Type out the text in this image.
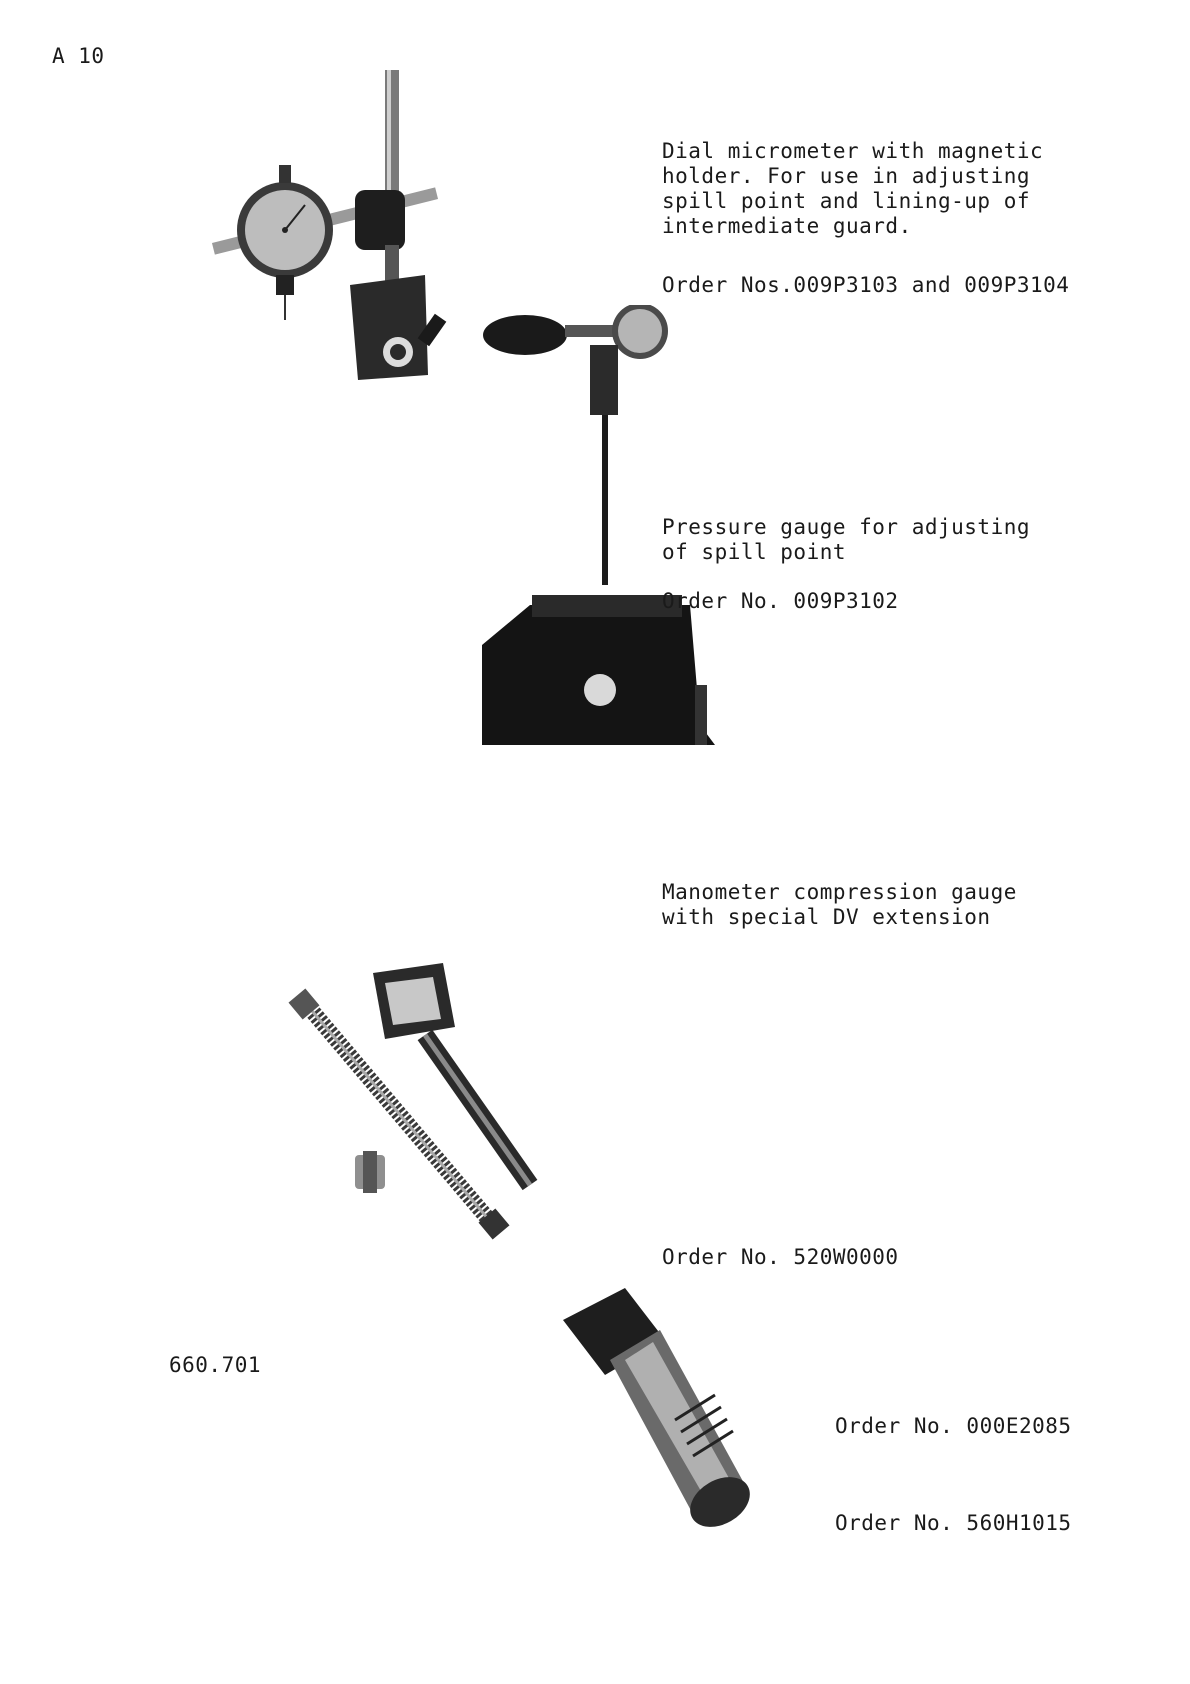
A 10
Dial micrometer with magnetic
holder. For use in adjusting
spill point and lining-up of
intermediate guard.
Order Nos.009P3103 and 009P3104
Pressure gauge for adjusting
of spill point
Order No. 009P3102
Manometer compression gauge
with special DV extension
Order No. 520W0000
660.701
Order No. 000E2085
Order No. 560H1015
